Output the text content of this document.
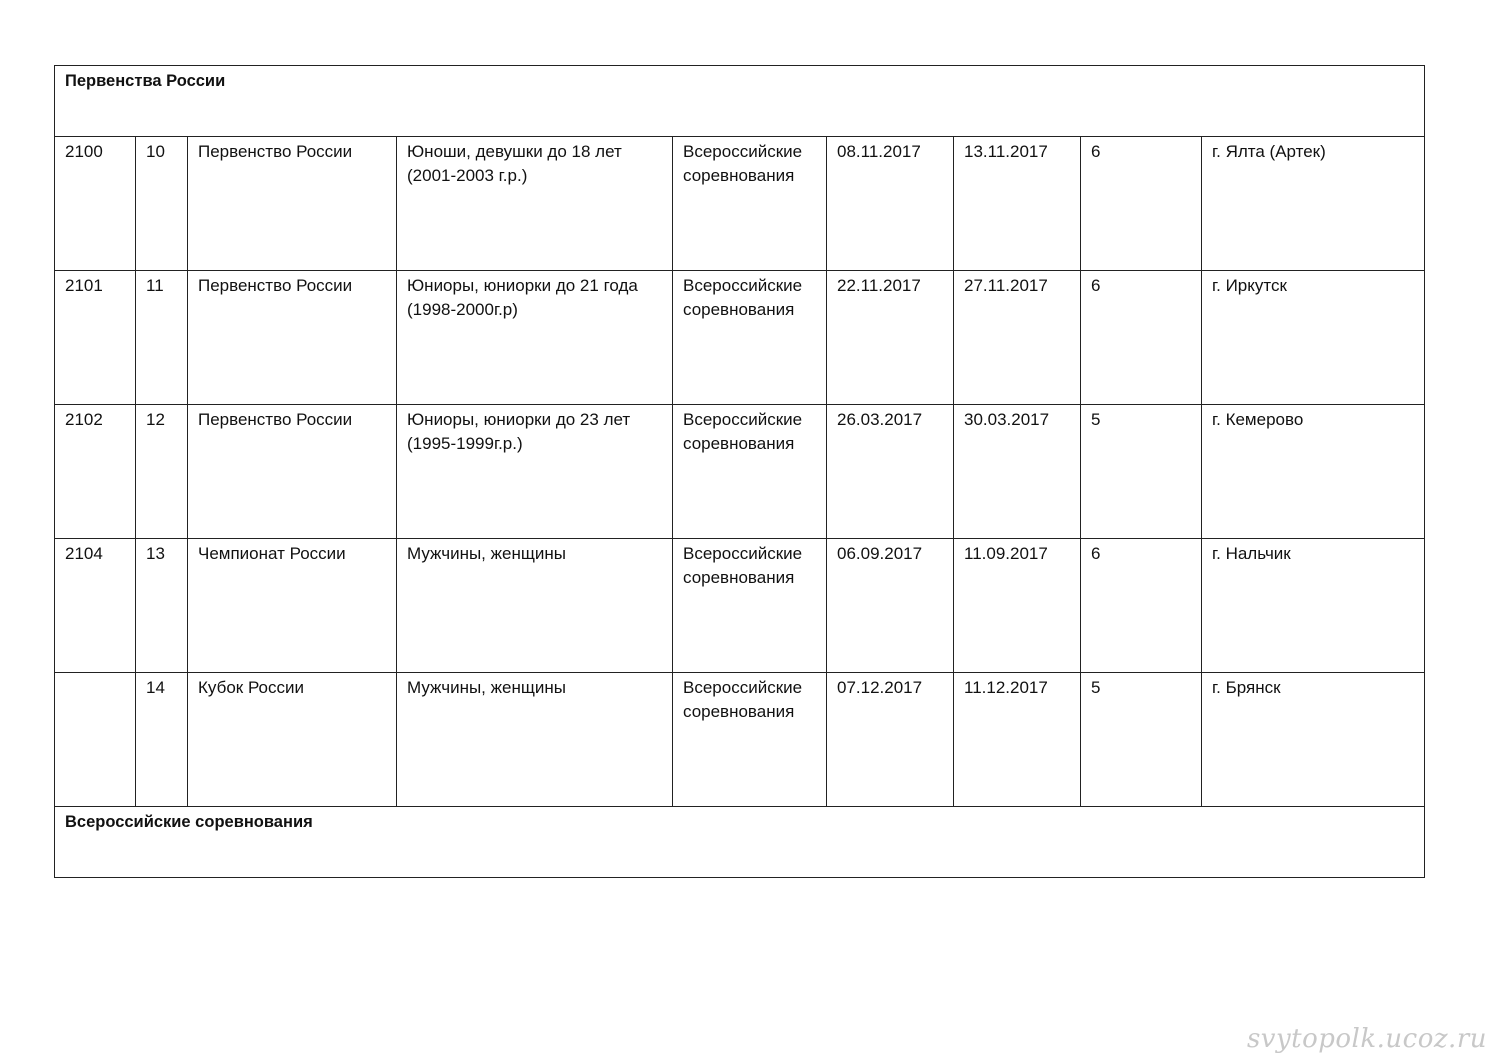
Первенства России								
2100	10	Первенство России	Юноши, девушки до 18 лет (2001-2003 г.р.)	Всероссийские соревнования	08.11.2017	13.11.2017	6	г. Ялта (Артек)
2101	11	Первенство России	Юниоры, юниорки до 21 года (1998-2000г.р)	Всероссийские соревнования	22.11.2017	27.11.2017	6	г. Иркутск
2102	12	Первенство России	Юниоры, юниорки до 23 лет (1995-1999г.р.)	Всероссийские соревнования	26.03.2017	30.03.2017	5	г. Кемерово
2104	13	Чемпионат России	Мужчины, женщины	Всероссийские соревнования	06.09.2017	11.09.2017	6	г. Нальчик
	14	Кубок России	Мужчины, женщины	Всероссийские соревнования	07.12.2017	11.12.2017	5	г. Брянск
Всероссийские соревнования								
svytopolk.ucoz.ru
